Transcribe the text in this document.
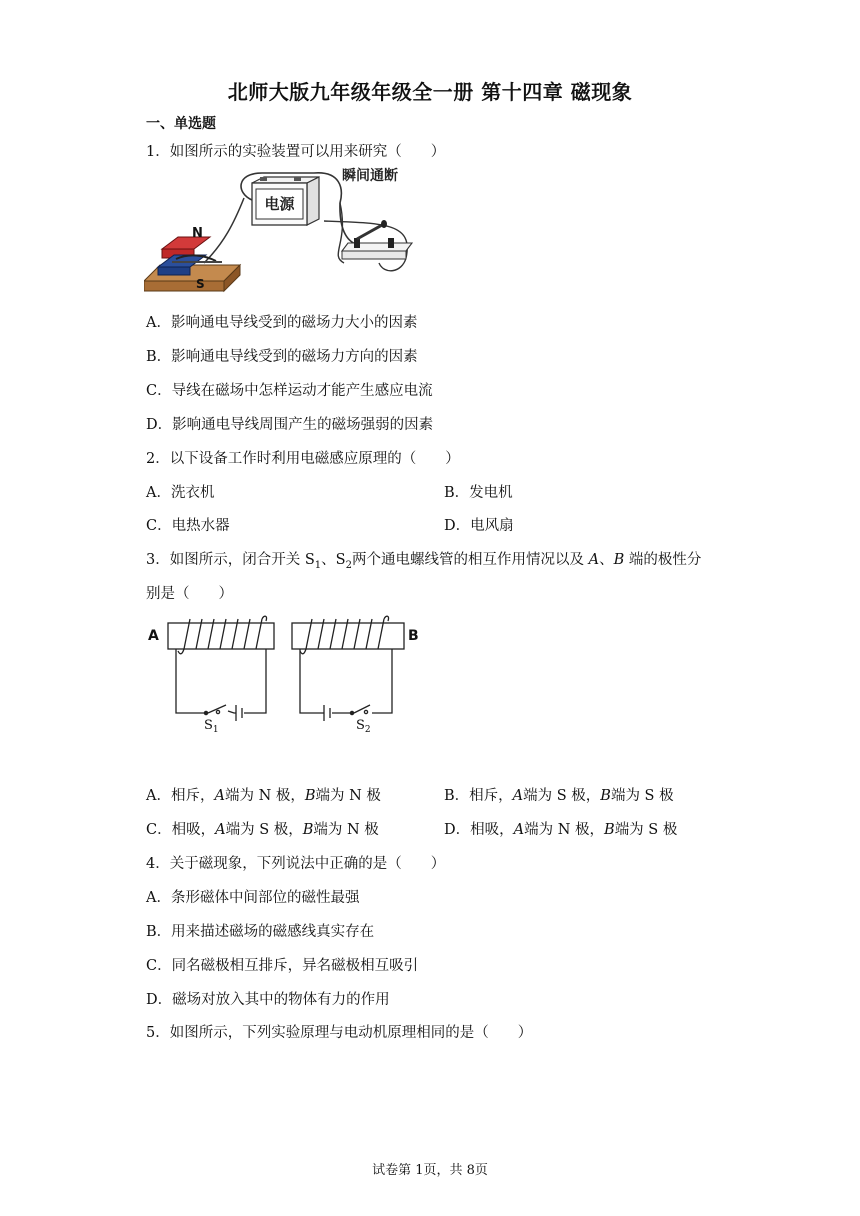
北师大版九年级年级全一册 第十四章 磁现象
一、单选题
1．如图所示的实验装置可以用来研究（　　）
电源
瞬间通断
N
S
A．影响通电导线受到的磁场力大小的因素
B．影响通电导线受到的磁场力方向的因素
C．导线在磁场中怎样运动才能产生感应电流
D．影响通电导线周围产生的磁场强弱的因素
2．以下设备工作时利用电磁感应原理的（　　）
A．洗衣机	B．发电机
C．电热水器	D．电风扇
3．如图所示，闭合开关 $S_1$、$S_2$两个通电螺线管的相互作用情况以及 A、B 端的极性分
别是（　　）
A
$S_1$
B
$S_2$
A．相斥，A端为 N 极，B端为 N 极	B．相斥，A端为 S 极，B端为 S 极
C．相吸，A端为 S 极，B端为 N 极	D．相吸，A端为 N 极，B端为 S 极
4．关于磁现象，下列说法中正确的是（　　）
A．条形磁体中间部位的磁性最强
B．用来描述磁场的磁感线真实存在
C．同名磁极相互排斥，异名磁极相互吸引
D．磁场对放入其中的物体有力的作用
5．如图所示，下列实验原理与电动机原理相同的是（　　）
试卷第 1页，共 8页
